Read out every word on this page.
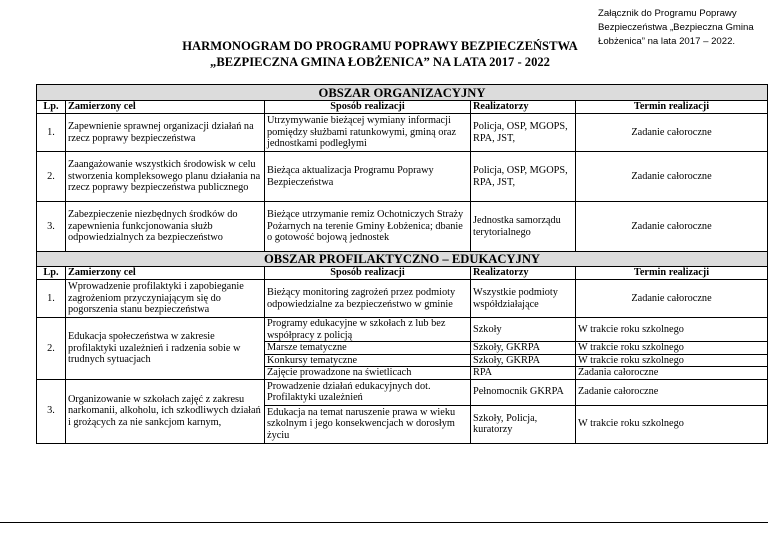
Załącznik do Programu Poprawy
Bezpieczeństwa „Bezpieczna Gmina
Łobżenica” na lata 2017 – 2022.
HARMONOGRAM DO PROGRAMU POPRAWY BEZPIECZEŃSTWA
„BEZPIECZNA GMINA ŁOBŻENICA” NA LATA 2017 - 2022
OBSZAR ORGANIZACYJNY				
Lp.	Zamierzony cel	Sposób realizacji	Realizatorzy	Termin realizacji
1.	Zapewnienie sprawnej organizacji działań na rzecz poprawy bezpieczeństwa	Utrzymywanie bieżącej wymiany informacji pomiędzy służbami ratunkowymi, gminą oraz jednostkami podległymi	Policja, OSP, MGOPS, RPA, JST,	Zadanie całoroczne
2.	Zaangażowanie wszystkich środowisk w celu stworzenia kompleksowego planu działania na rzecz poprawy bezpieczeństwa publicznego	Bieżąca aktualizacja Programu Poprawy Bezpieczeństwa	Policja, OSP, MGOPS, RPA, JST,	Zadanie całoroczne
3.	Zabezpieczenie niezbędnych środków do zapewnienia funkcjonowania służb odpowiedzialnych za bezpieczeństwo	Bieżące utrzymanie remiz Ochotniczych Straży Pożarnych na terenie Gminy Łobżenica; dbanie o gotowość bojową jednostek	Jednostka samorządu terytorialnego	Zadanie całoroczne
OBSZAR PROFILAKTYCZNO – EDUKACYJNY				
Lp.	Zamierzony cel	Sposób realizacji	Realizatorzy	Termin realizacji
1.	Wprowadzenie profilaktyki i zapobieganie zagrożeniom przyczyniającym się do pogorszenia stanu bezpieczeństwa	Bieżący monitoring zagrożeń przez podmioty odpowiedzialne za bezpieczeństwo w gminie	Wszystkie podmioty współdziałające	Zadanie całoroczne
2.	Edukacja społeczeństwa w zakresie profilaktyki uzależnień i radzenia sobie w trudnych sytuacjach	Programy edukacyjne w szkołach z lub bez współpracy z policją	Szkoły	W trakcie roku szkolnego
		Marsze tematyczne	Szkoły, GKRPA	W trakcie roku szkolnego
		Konkursy tematyczne	Szkoły, GKRPA	W trakcie roku szkolnego
		Zajęcie prowadzone na świetlicach	RPA	Zadania całoroczne
3.	Organizowanie w szkołach zajęć z zakresu narkomanii, alkoholu, ich szkodliwych działań i grożących za nie sankcjom karnym,	Prowadzenie działań edukacyjnych dot. Profilaktyki uzależnień	Pełnomocnik GKRPA	Zadanie całoroczne
		Edukacja na temat naruszenie prawa w wieku szkolnym i jego konsekwencjach w dorosłym życiu	Szkoły, Policja, kuratorzy	W trakcie roku szkolnego
